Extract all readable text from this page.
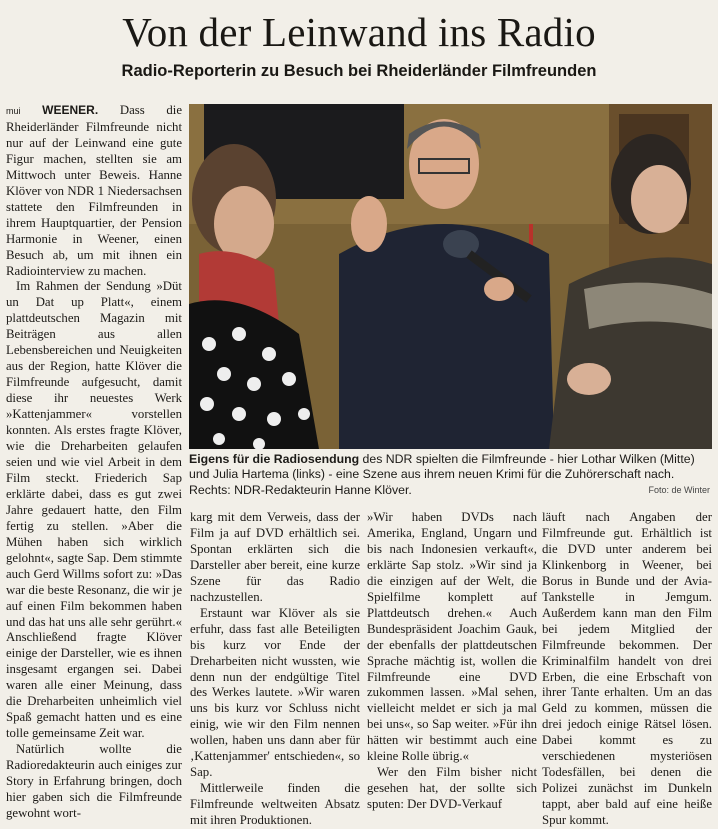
Von der Leinwand ins Radio
Radio-Reporterin zu Besuch bei Rheiderländer Filmfreunden
Eigens für die Radiosendung des NDR spielten die Filmfreunde - hier Lothar Wilken (Mitte) und Julia Hartema (links) - eine Szene aus ihrem neuen Krimi für die Zuhörerschaft nach. Rechts: NDR-Redakteurin Hanne Klöver.	Foto: de Winter

mui WEENER. Dass die Rheiderländer Filmfreunde nicht nur auf der Leinwand eine gute Figur machen, stellten sie am Mittwoch unter Beweis. Hanne Klöver von NDR 1 Niedersachsen stattete den Filmfreunden in ihrem Hauptquartier, der Pension Harmonie in Weener, einen Besuch ab, um mit ihnen ein Radiointerview zu machen.

Im Rahmen der Sendung »Düt un Dat up Platt«, einem plattdeutschen Magazin mit Beiträgen aus allen Lebensbereichen und Neuigkeiten aus der Region, hatte Klöver die Filmfreunde aufgesucht, damit diese ihr neuestes Werk »Kattenjammer« vorstellen konnten. Als erstes fragte Klöver, wie die Dreharbeiten gelaufen seien und wie viel Arbeit in dem Film steckt. Friederich Sap erklärte dabei, dass es gut zwei Jahre gedauert hatte, den Film fertig zu stellen. »Aber die Mühen haben sich wirklich gelohnt«, sagte Sap. Dem stimmte auch Gerd Willms sofort zu: »Das war die beste Resonanz, die wir je auf einen Film bekommen haben und das hat uns alle sehr gerührt.« Anschließend fragte Klöver einige der Darsteller, wie es ihnen insgesamt ergangen sei. Dabei waren alle einer Meinung, dass die Dreharbeiten unheimlich viel Spaß gemacht hatten und es eine tolle gemeinsame Zeit war.

Natürlich wollte die Radioredakteurin auch einiges zur Story in Erfahrung bringen, doch hier gaben sich die Filmfreunde gewohnt wort-

karg mit dem Verweis, dass der Film ja auf DVD erhältlich sei. Spontan erklärten sich die Darsteller aber bereit, eine kurze Szene für das Radio nachzustellen.

Erstaunt war Klöver als sie erfuhr, dass fast alle Beteiligten bis kurz vor Ende der Dreharbeiten nicht wussten, wie denn nun der endgültige Titel des Werkes lautete. »Wir waren uns bis kurz vor Schluss nicht einig, wie wir den Film nennen wollen, haben uns dann aber für ‚Kattenjammer' entschieden«, so Sap.

Mittlerweile finden die Filmfreunde weltweiten Absatz mit ihren Produktionen.

»Wir haben DVDs nach Amerika, England, Ungarn und bis nach Indonesien verkauft«, erklärte Sap stolz. »Wir sind ja die einzigen auf der Welt, die Spielfilme komplett auf Plattdeutsch drehen.« Auch Bundespräsident Joachim Gauk, der ebenfalls der plattdeutschen Sprache mächtig ist, wollen die Filmfreunde eine DVD zukommen lassen. »Mal sehen, vielleicht meldet er sich ja mal bei uns«, so Sap weiter. »Für ihn hätten wir bestimmt auch eine kleine Rolle übrig.«

Wer den Film bisher nicht gesehen hat, der sollte sich sputen: Der DVD-Verkauf

läuft nach Angaben der Filmfreunde gut. Erhältlich ist die DVD unter anderem bei Klinkenborg in Weener, bei Borus in Bunde und der Avia-Tankstelle in Jemgum. Außerdem kann man den Film bei jedem Mitglied der Filmfreunde bekommen. Der Kriminalfilm handelt von drei Erben, die eine Erbschaft von ihrer Tante erhalten. Um an das Geld zu kommen, müssen die drei jedoch einige Rätsel lösen. Dabei kommt es zu verschiedenen mysteriösen Todesfällen, bei denen die Polizei zunächst im Dunkeln tappt, aber bald auf eine heiße Spur kommt.
